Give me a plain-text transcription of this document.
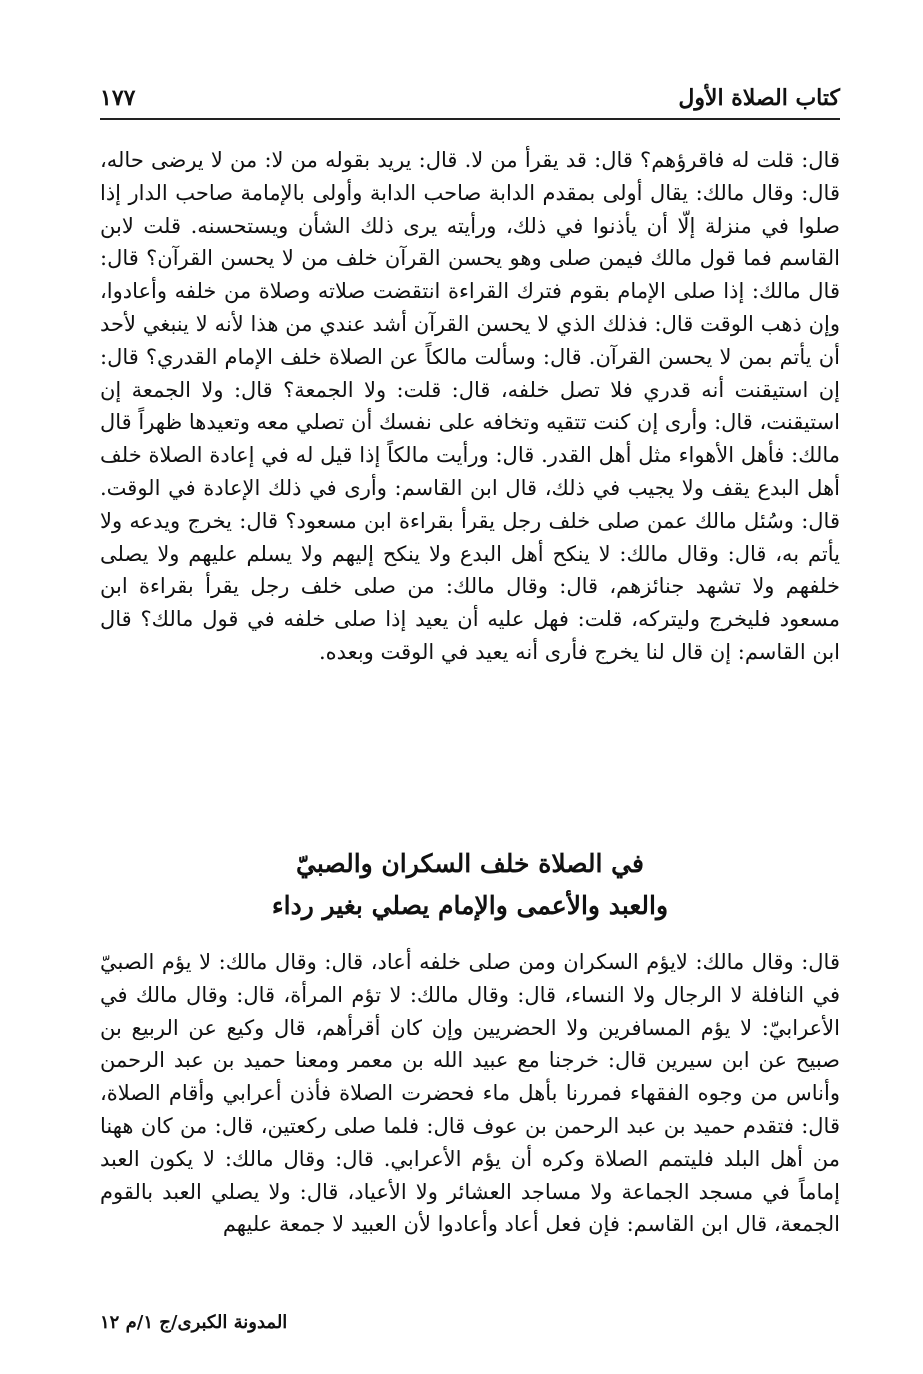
كتاب الصلاة الأول
١٧٧

قال: قلت له فاقرؤهم؟ قال: قد يقرأ من لا. قال: يريد بقوله من لا: من لا يرضى حاله، قال: وقال مالك: يقال أولى بمقدم الدابة صاحب الدابة وأولى بالإمامة صاحب الدار إذا صلوا في منزلة إلّا أن يأذنوا في ذلك، ورأيته يرى ذلك الشأن ويستحسنه. قلت لابن القاسم فما قول مالك فيمن صلى وهو يحسن القرآن خلف من لا يحسن القرآن؟ قال: قال مالك: إذا صلى الإمام بقوم فترك القراءة انتقضت صلاته وصلاة من خلفه وأعادوا، وإن ذهب الوقت قال: فذلك الذي لا يحسن القرآن أشد عندي من هذا لأنه لا ينبغي لأحد أن يأتم بمن لا يحسن القرآن. قال: وسألت مالكاً عن الصلاة خلف الإمام القدري؟ قال: إن استيقنت أنه قدري فلا تصل خلفه، قال: قلت: ولا الجمعة؟ قال: ولا الجمعة إن استيقنت، قال: وأرى إن كنت تتقيه وتخافه على نفسك أن تصلي معه وتعيدها ظهراً قال مالك: فأهل الأهواء مثل أهل القدر. قال: ورأيت مالكاً إذا قيل له في إعادة الصلاة خلف أهل البدع يقف ولا يجيب في ذلك، قال ابن القاسم: وأرى في ذلك الإعادة في الوقت. قال: وسُئل مالك عمن صلى خلف رجل يقرأ بقراءة ابن مسعود؟ قال: يخرج ويدعه ولا يأتم به، قال: وقال مالك: لا ينكح أهل البدع ولا ينكح إليهم ولا يسلم عليهم ولا يصلى خلفهم ولا تشهد جنائزهم، قال: وقال مالك: من صلى خلف رجل يقرأ بقراءة ابن مسعود فليخرج وليتركه، قلت: فهل عليه أن يعيد إذا صلى خلفه في قول مالك؟ قال ابن القاسم: إن قال لنا يخرج فأرى أنه يعيد في الوقت وبعده.

في الصلاة خلف السكران والصبيّ
والعبد والأعمى والإمام يصلي بغير رداء

قال: وقال مالك: لايؤم السكران ومن صلى خلفه أعاد، قال: وقال مالك: لا يؤم الصبيّ في النافلة لا الرجال ولا النساء، قال: وقال مالك: لا تؤم المرأة، قال: وقال مالك في الأعرابيّ: لا يؤم المسافرين ولا الحضريين وإن كان أقرأهم، قال وكيع عن الربيع بن صبيح عن ابن سيرين قال: خرجنا مع عبيد الله بن معمر ومعنا حميد بن عبد الرحمن وأناس من وجوه الفقهاء فمررنا بأهل ماء فحضرت الصلاة فأذن أعرابي وأقام الصلاة، قال: فتقدم حميد بن عبد الرحمن بن عوف قال: فلما صلى ركعتين، قال: من كان ههنا من أهل البلد فليتمم الصلاة وكره أن يؤم الأعرابي. قال: وقال مالك: لا يكون العبد إماماً في مسجد الجماعة ولا مساجد العشائر ولا الأعياد، قال: ولا يصلي العبد بالقوم الجمعة، قال ابن القاسم: فإن فعل أعاد وأعادوا لأن العبيد لا جمعة عليهم

المدونة الكبرى/ج ١/م ١٢
